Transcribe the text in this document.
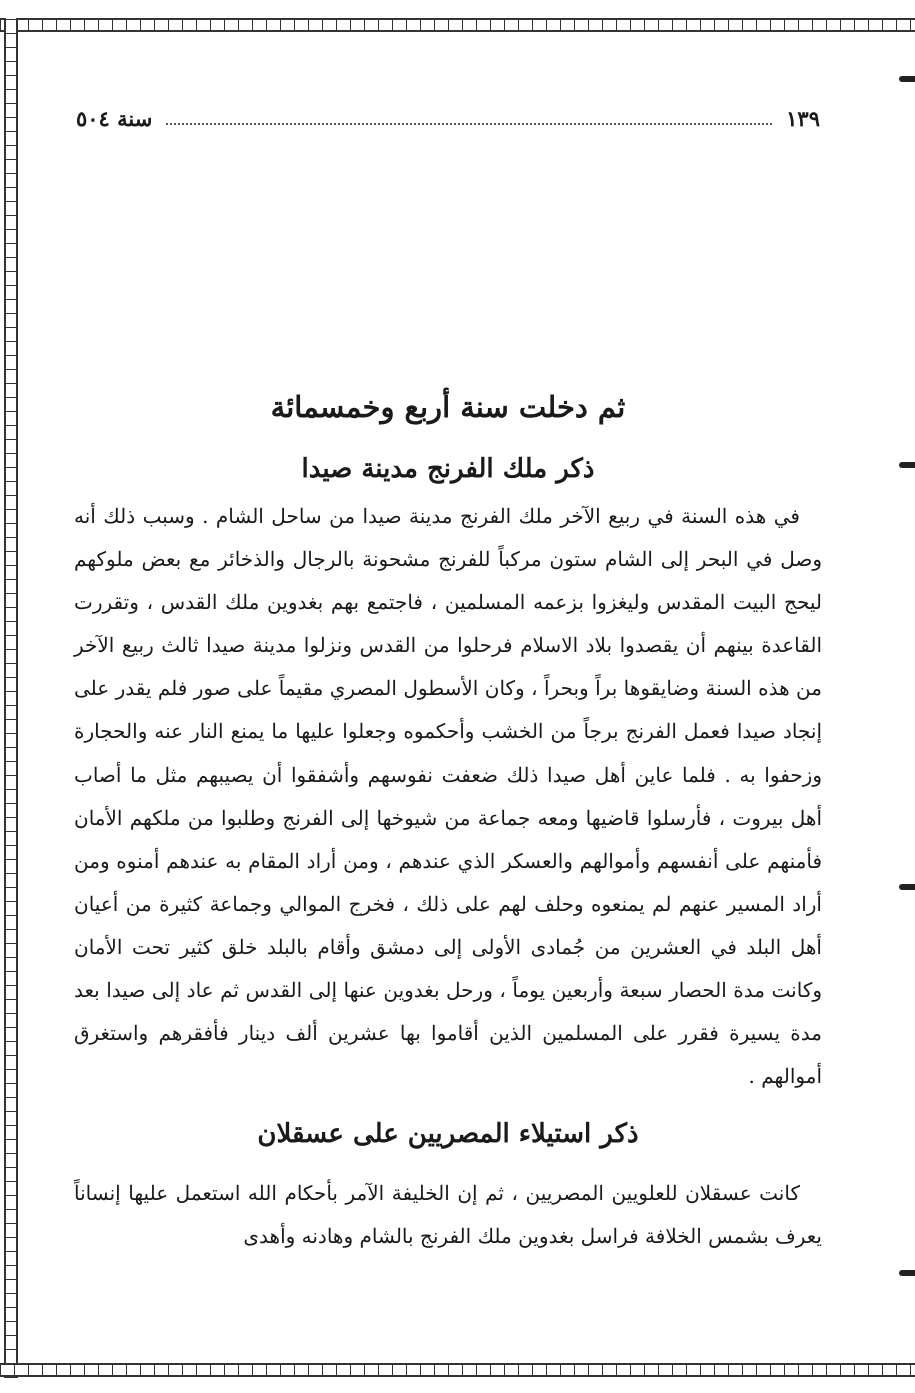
سنة ٥٠٤	١٣٩
ثم دخلت سنة أربع وخمسمائة
ذكر ملك الفرنج مدينة صيدا

في هذه السنة في ربيع الآخر ملك الفرنج مدينة صيدا من ساحل الشام . وسبب ذلك أنه وصل في البحر إلى الشام ستون مركباً للفرنج مشحونة بالرجال والذخائر مع بعض ملوكهم ليحج البيت المقدس وليغزوا بزعمه المسلمين ، فاجتمع بهم بغدوين ملك القدس ، وتقررت القاعدة بينهم أن يقصدوا بلاد الاسلام فرحلوا من القدس ونزلوا مدينة صيدا ثالث ربيع الآخر من هذه السنة وضايقوها براً وبحراً ، وكان الأسطول المصري مقيماً على صور فلم يقدر على إنجاد صيدا فعمل الفرنج برجاً من الخشب وأحكموه وجعلوا عليها ما يمنع النار عنه والحجارة وزحفوا به . فلما عاين أهل صيدا ذلك ضعفت نفوسهم وأشفقوا أن يصيبهم مثل ما أصاب أهل بيروت ، فأرسلوا قاضيها ومعه جماعة من شيوخها إلى الفرنج وطلبوا من ملكهم الأمان فأمنهم على أنفسهم وأموالهم والعسكر الذي عندهم ، ومن أراد المقام به عندهم أمنوه ومن أراد المسير عنهم لم يمنعوه وحلف لهم على ذلك ، فخرج الموالي وجماعة كثيرة من أعيان أهل البلد في العشرين من جُمادى الأولى إلى دمشق وأقام بالبلد خلق كثير تحت الأمان وكانت مدة الحصار سبعة وأربعين يوماً ، ورحل بغدوين عنها إلى القدس ثم عاد إلى صيدا بعد مدة يسيرة فقرر على المسلمين الذين أقاموا بها عشرين ألف دينار فأفقرهم واستغرق أموالهم .

ذكر استيلاء المصريين على عسقلان

كانت عسقلان للعلويين المصريين ، ثم إن الخليفة الآمر بأحكام الله استعمل عليها إنساناً يعرف بشمس الخلافة فراسل بغدوين ملك الفرنج بالشام وهادنه وأهدى
